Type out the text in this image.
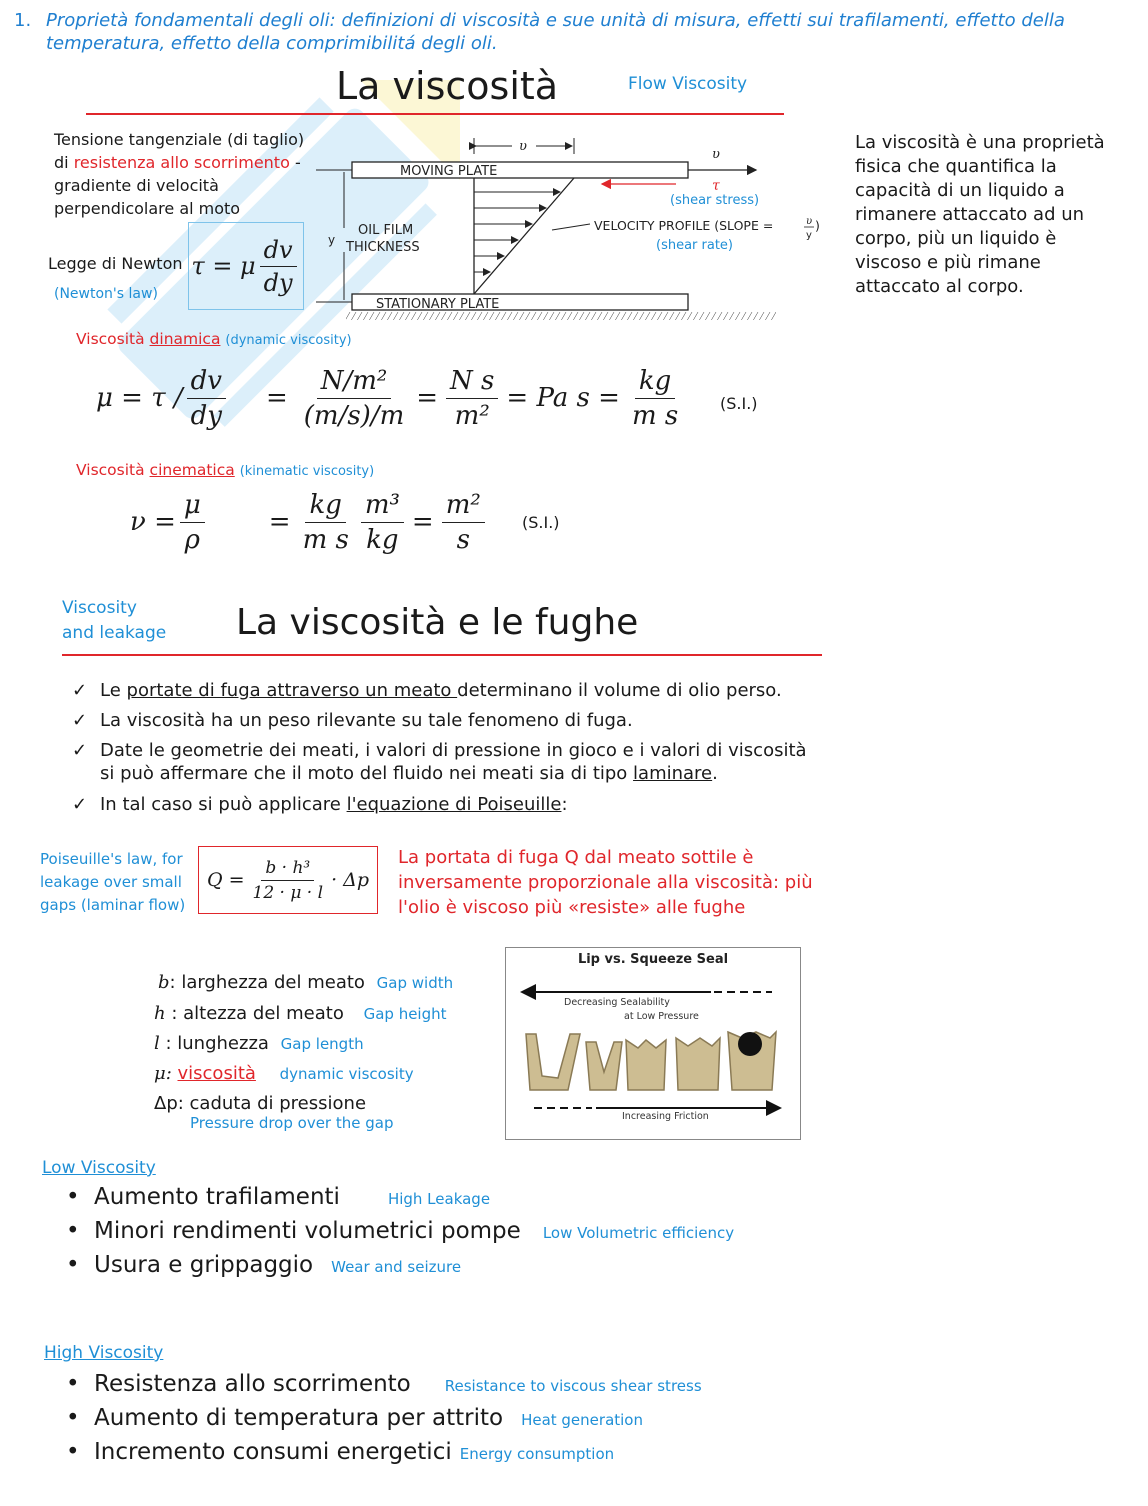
1. Proprietà fondamentali degli oli: definizioni di viscosità e sue unità di misura, effetti sui trafilamenti, effetto della
temperatura, effetto della comprimibilitá degli oli.
La viscosità	Flow Viscosity
Tensione tangenziale (di taglio)
di resistenza allo scorrimento -
gradiente di velocità
perpendicolare al moto
Legge di Newton
(Newton's law)
τ = μ $\frac{dv}{dy}$
υ
υ
MOVING PLATE
τ
(shear stress)
y
OIL FILM
THICKNESS
VELOCITY PROFILE (SLOPE =	υ
y
)
(shear rate)
STATIONARY PLATE
La viscosità è una proprietà fisica che quantifica la capacità di un liquido a rimanere attaccato ad un corpo, più un liquido è viscoso e più rimane attaccato al corpo.
Viscosità dinamica (dynamic viscosity)
$\mu = \tau / \frac{dv}{dy} = \frac{\text{N/m²}}{(m/s)/m} = \frac{\text{N s}}{\text{m²}} = Pa$ $s = \frac{kg}{\text{m s}} (S.I.)$
Viscosità cinematica (kinematic viscosity)
$\nu = \frac{\mu}{\rho} = \frac{kg}{\text{m s}} \frac{\text{m³}}{kg} = \frac{\text{m²}}{s} (S.I.)$
Viscosity
and leakage La viscosità e le fughe
✓ Le portate di fuga attraverso un meato determinano il volume di olio perso.
✓ La viscosità ha un peso rilevante su tale fenomeno di fuga.
✓ Date le geometrie dei meati, i valori di pressione in gioco e i valori di viscosità
si può affermare che il moto del fluido nei meati sia di tipo laminare.
✓ In tal caso si può applicare l'equazione di Poiseuille:
Poiseuille's law, for
leakage over small
gaps (laminar flow)
$Q = \frac{\text{b · h³}}{12 \cdot \mu \cdot l} \cdot \Delta p$
La portata di fuga Q dal meato sottile è
inversamente proporzionale alla viscosità: più
l'olio è viscoso più «resiste» alle fughe
b: larghezza del meato Gap width
h : altezza del meato Gap height
l : lunghezza Gap length
μ: viscosità dynamic viscosity
Δp: caduta di pressione
Pressure drop over the gap
Lip vs. Squeeze Seal
Decreasing Sealability
at Low Pressure
Increasing Friction
Low Viscosity
• Aumento trafilamenti	High Leakage
• Minori rendimenti volumetrici pompe Low Volumetric efficiency
• Usura e grippaggio Wear and seizure
High Viscosity
• Resistenza allo scorrimento Resistance to viscous shear stress
• Aumento di temperatura per attrito Heat generation
• Incremento consumi energetici Energy consumption
